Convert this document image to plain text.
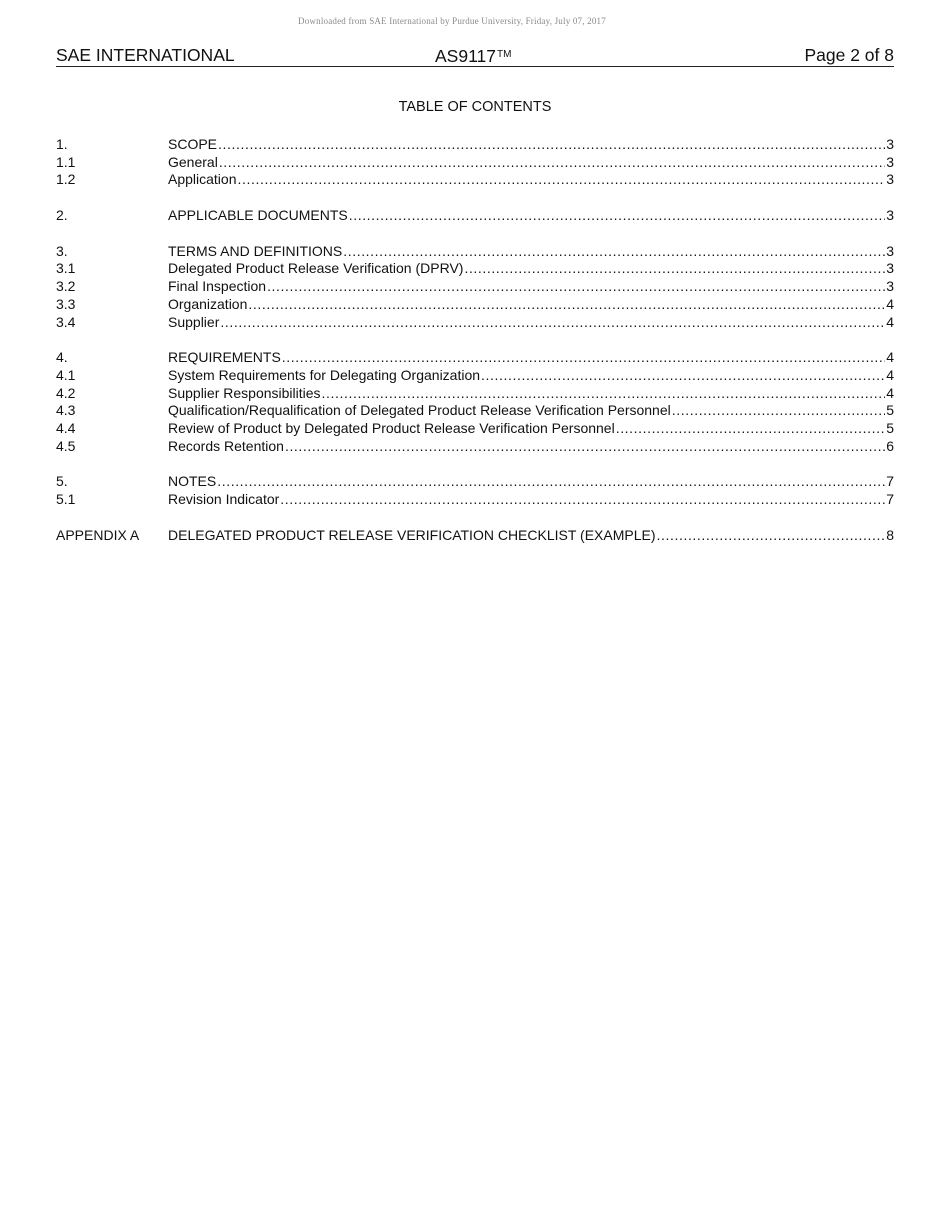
Downloaded from SAE International by Purdue University, Friday, July 07, 2017
SAE INTERNATIONAL	AS9117™	Page 2 of 8
TABLE OF CONTENTS
1.	SCOPE .....	3
1.1	General .....	3
1.2	Application .....	3
2.	APPLICABLE DOCUMENTS .....	3
3.	TERMS AND DEFINITIONS .....	3
3.1	Delegated Product Release Verification (DPRV) .....	3
3.2	Final Inspection .....	3
3.3	Organization .....	4
3.4	Supplier .....	4
4.	REQUIREMENTS .....	4
4.1	System Requirements for Delegating Organization .....	4
4.2	Supplier Responsibilities .....	4
4.3	Qualification/Requalification of Delegated Product Release Verification Personnel .....	5
4.4	Review of Product by Delegated Product Release Verification Personnel .....	5
4.5	Records Retention .....	6
5.	NOTES .....	7
5.1	Revision Indicator .....	7
APPENDIX A	DELEGATED PRODUCT RELEASE VERIFICATION CHECKLIST (EXAMPLE) .....	8
